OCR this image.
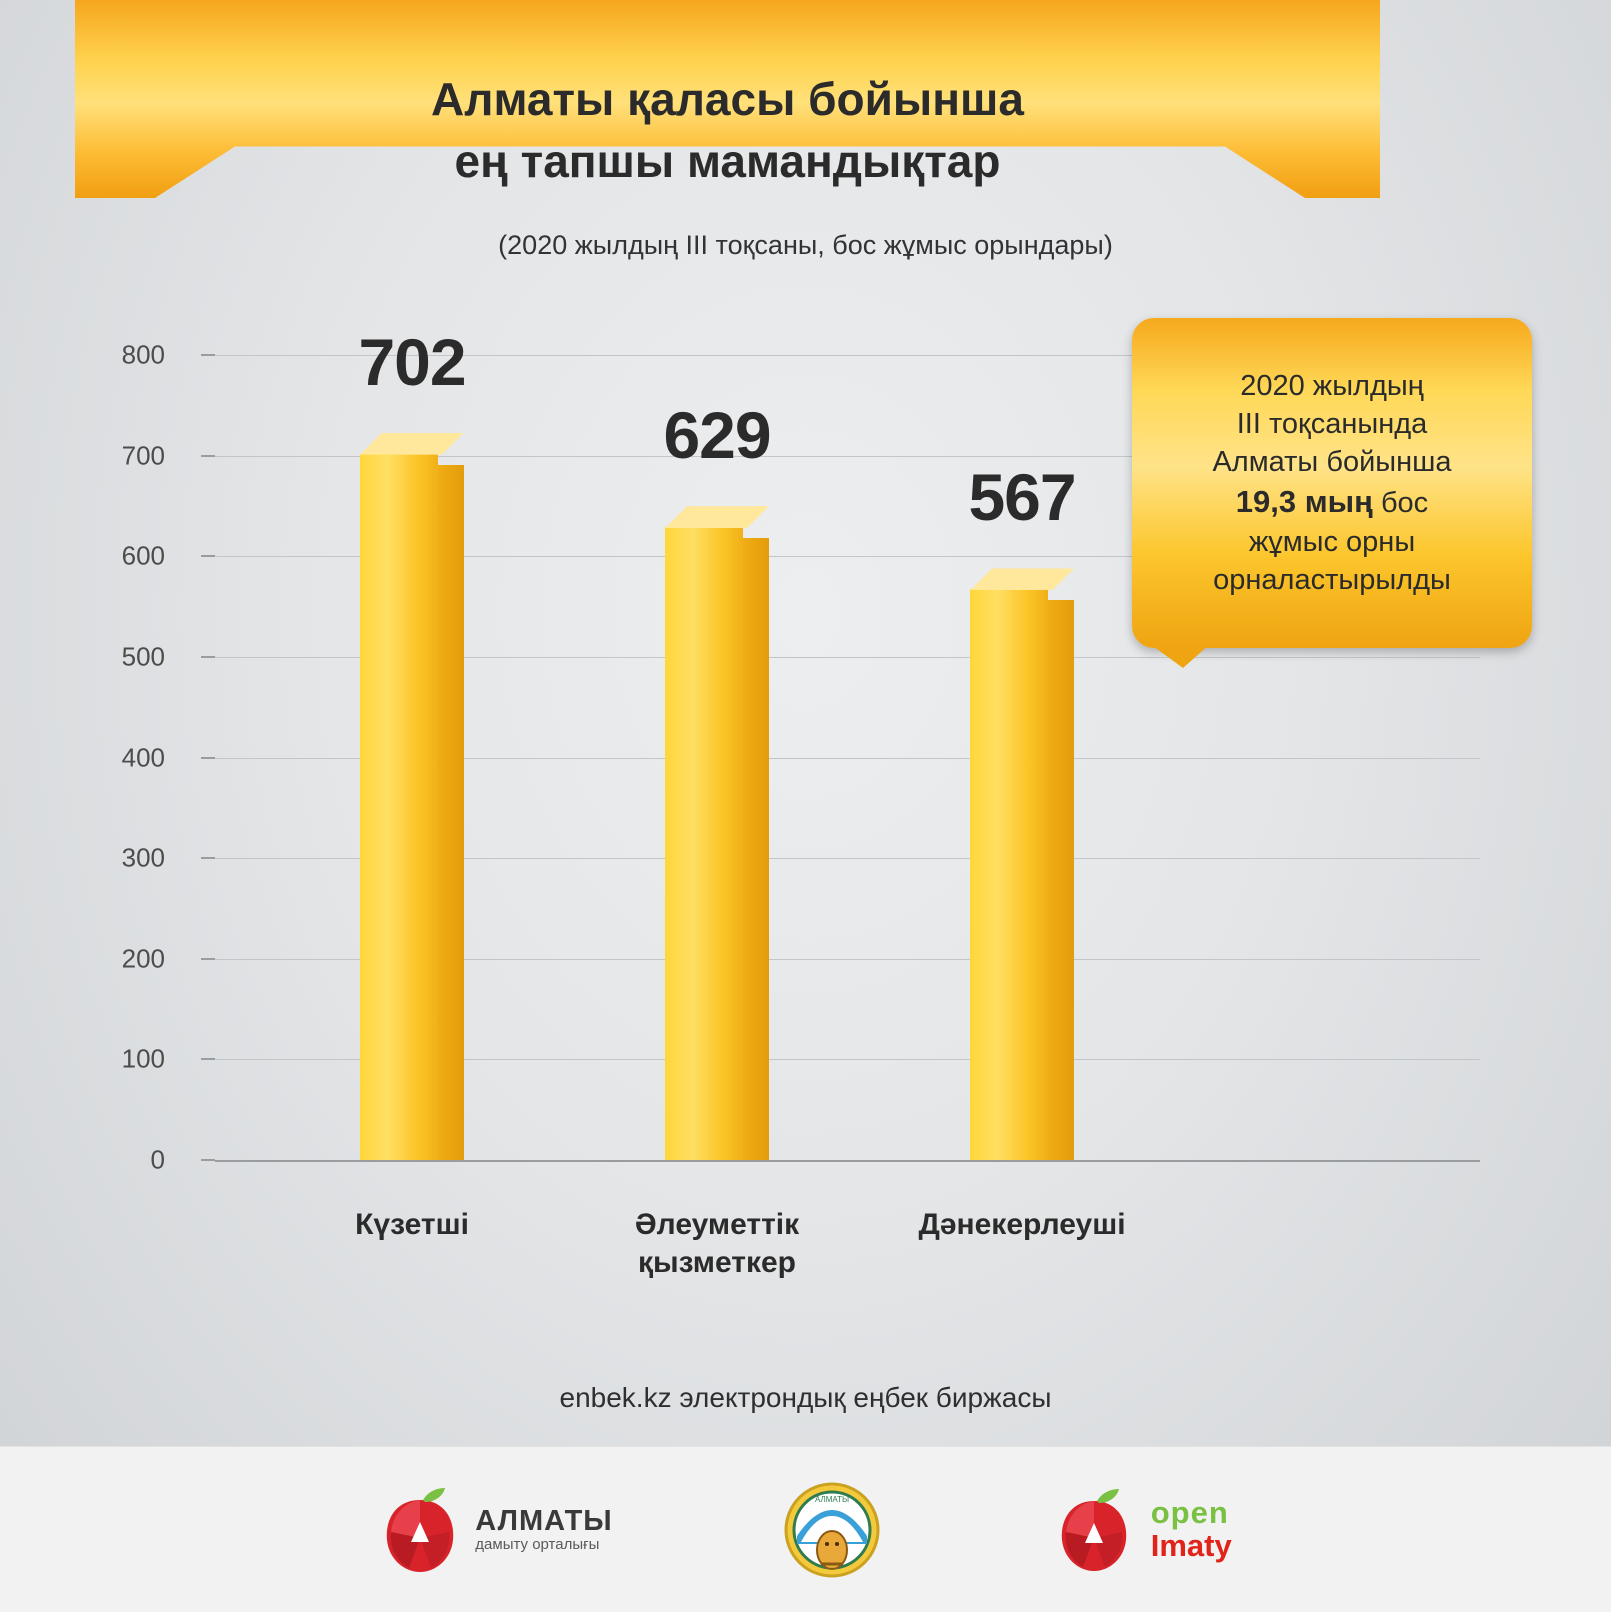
Алматы қаласы бойынша
ең тапшы мамандықтар
(2020 жылдың III тоқсаны, бос жұмыс орындары)
0
100
200
300
400
500
600
700
800	702
Күзетші
629
Әлеуметтік
қызметкер
567
Дәнекерлеуші
2020 жылдың
III тоқсанында
Алматы бойынша
19,3 мың бос
жұмыс орны
орналастырылды
enbek.kz электрондық еңбек биржасы
АЛМАТЫ
дамыту орталығы
АЛМАТЫ	open
Imaty
